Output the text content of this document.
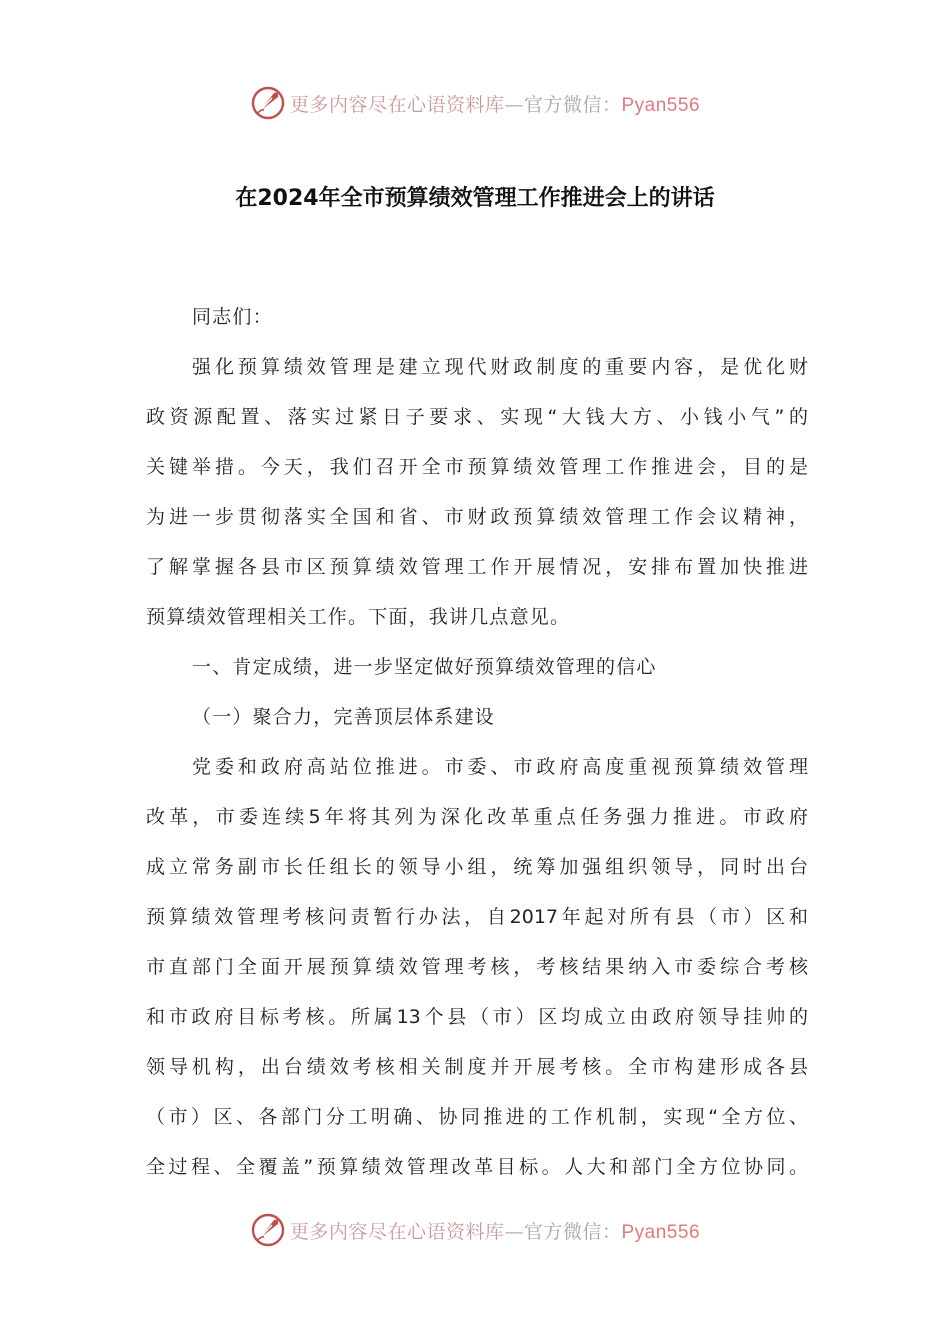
更多内容尽在心语资料库—官方微信：Pyan556
在2024年全市预算绩效管理工作推进会上的讲话
同志们：
强化预算绩效管理是建立现代财政制度的重要内容，是优化财
政资源配置、落实过紧日子要求、实现“大钱大方、小钱小气”的
关键举措。今天，我们召开全市预算绩效管理工作推进会，目的是
为进一步贯彻落实全国和省、市财政预算绩效管理工作会议精神，
了解掌握各县市区预算绩效管理工作开展情况，安排布置加快推进
预算绩效管理相关工作。下面，我讲几点意见。
一、肯定成绩，进一步坚定做好预算绩效管理的信心
（一）聚合力，完善顶层体系建设
党委和政府高站位推进。市委、市政府高度重视预算绩效管理
改革，市委连续5年将其列为深化改革重点任务强力推进。市政府
成立常务副市长任组长的领导小组，统筹加强组织领导，同时出台
预算绩效管理考核问责暂行办法，自2017年起对所有县（市）区和
市直部门全面开展预算绩效管理考核，考核结果纳入市委综合考核
和市政府目标考核。所属13个县（市）区均成立由政府领导挂帅的
领导机构，出台绩效考核相关制度并开展考核。全市构建形成各县
（市）区、各部门分工明确、协同推进的工作机制，实现“全方位、
全过程、全覆盖”预算绩效管理改革目标。人大和部门全方位协同。
更多内容尽在心语资料库—官方微信：Pyan556
